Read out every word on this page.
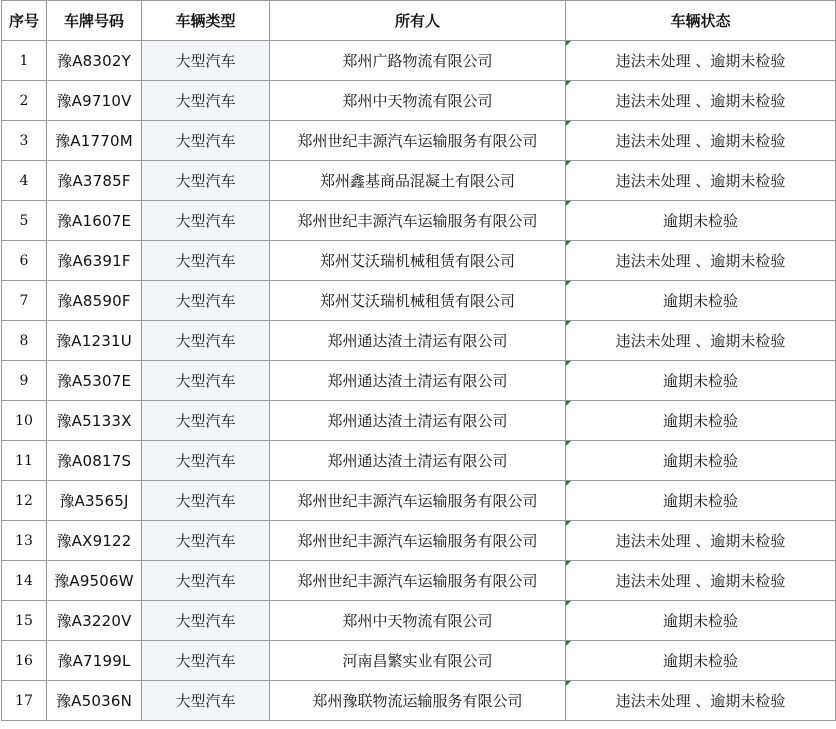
序号	车牌号码	车辆类型	所有人	车辆状态
1	豫A8302Y	大型汽车	郑州广路物流有限公司	违法未处理 、逾期未检验
2	豫A9710V	大型汽车	郑州中天物流有限公司	违法未处理 、逾期未检验
3	豫A1770M	大型汽车	郑州世纪丰源汽车运输服务有限公司	违法未处理 、逾期未检验
4	豫A3785F	大型汽车	郑州鑫基商品混凝土有限公司	违法未处理 、逾期未检验
5	豫A1607E	大型汽车	郑州世纪丰源汽车运输服务有限公司	逾期未检验
6	豫A6391F	大型汽车	郑州艾沃瑞机械租赁有限公司	违法未处理 、逾期未检验
7	豫A8590F	大型汽车	郑州艾沃瑞机械租赁有限公司	逾期未检验
8	豫A1231U	大型汽车	郑州通达渣土清运有限公司	违法未处理 、逾期未检验
9	豫A5307E	大型汽车	郑州通达渣土清运有限公司	逾期未检验
10	豫A5133X	大型汽车	郑州通达渣土清运有限公司	逾期未检验
11	豫A0817S	大型汽车	郑州通达渣土清运有限公司	逾期未检验
12	豫A3565J	大型汽车	郑州世纪丰源汽车运输服务有限公司	逾期未检验
13	豫AX9122	大型汽车	郑州世纪丰源汽车运输服务有限公司	违法未处理 、逾期未检验
14	豫A9506W	大型汽车	郑州世纪丰源汽车运输服务有限公司	违法未处理 、逾期未检验
15	豫A3220V	大型汽车	郑州中天物流有限公司	逾期未检验
16	豫A7199L	大型汽车	河南昌繁实业有限公司	逾期未检验
17	豫A5036N	大型汽车	郑州豫联物流运输服务有限公司	违法未处理 、逾期未检验
